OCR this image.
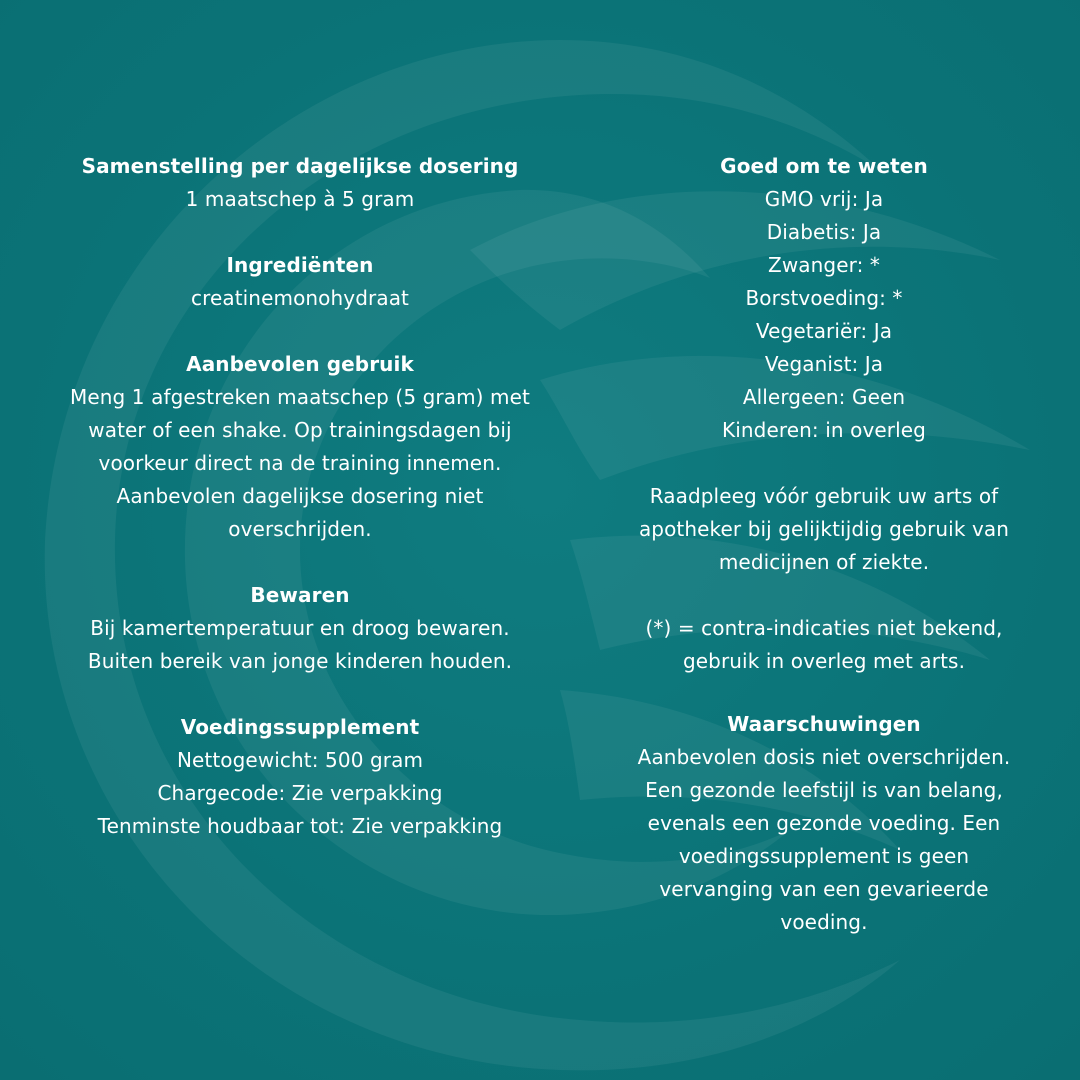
Samenstelling per dagelijkse dosering
1 maatschep à 5 gram
Ingrediënten
creatinemonohydraat
Aanbevolen gebruik
Meng 1 afgestreken maatschep (5 gram) met
water of een shake. Op trainingsdagen bij
voorkeur direct na de training innemen.
Aanbevolen dagelijkse dosering niet
overschrijden.
Bewaren
Bij kamertemperatuur en droog bewaren.
Buiten bereik van jonge kinderen houden.
Voedingssupplement
Nettogewicht: 500 gram
Chargecode: Zie verpakking
Tenminste houdbaar tot: Zie verpakking
Goed om te weten
GMO vrij: Ja
Diabetis: Ja
Zwanger: *
Borstvoeding: *
Vegetariër: Ja
Veganist: Ja
Allergeen: Geen
Kinderen: in overleg
Raadpleeg vóór gebruik uw arts of
apotheker bij gelijktijdig gebruik van
medicijnen of ziekte.
(*) = contra-indicaties niet bekend,
gebruik in overleg met arts.
Waarschuwingen
Aanbevolen dosis niet overschrijden.
Een gezonde leefstijl is van belang,
evenals een gezonde voeding. Een
voedingssupplement is geen
vervanging van een gevarieerde
voeding.
